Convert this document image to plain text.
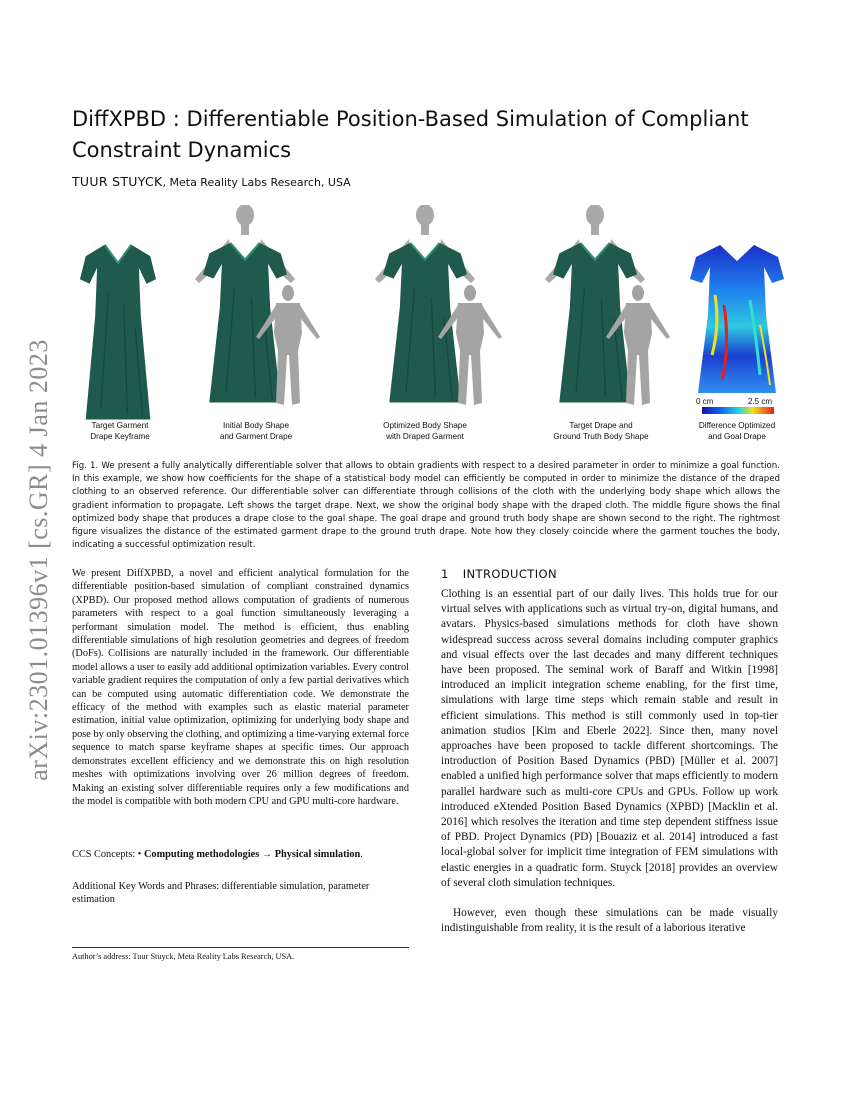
arXiv:2301.01396v1 [cs.GR] 4 Jan 2023
DiffXPBD : Differentiable Position-Based Simulation of Compliant Constraint Dynamics
TUUR STUYCK, Meta Reality Labs Research, USA
0 cm	2.5 cm
Target Garment
Drape Keyframe
Initial Body Shape
and Garment Drape
Optimized Body Shape
with Draped Garment
Target Drape and
Ground Truth Body Shape
Difference Optimized
and Goal Drape

Fig. 1. We present a fully analytically differentiable solver that allows to obtain gradients with respect to a desired parameter in order to minimize a goal function. In this example, we show how coefficients for the shape of a statistical body model can efficiently be computed in order to minimize the distance of the draped clothing to an observed reference. Our differentiable solver can differentiate through collisions of the cloth with the underlying body shape which allows the gradient information to propagate. Left shows the target drape. Next, we show the original body shape with the draped cloth. The middle figure shows the final optimized body shape that produces a drape close to the goal shape. The goal drape and ground truth body shape are shown second to the right. The rightmost figure visualizes the distance of the estimated garment drape to the ground truth drape. Note how they closely coincide where the garment touches the body, indicating a successful optimization result.

We present DiffXPBD, a novel and efficient analytical formulation for the differentiable position-based simulation of compliant constrained dynamics (XPBD). Our proposed method allows computation of gradients of numerous parameters with respect to a goal function simultaneously leveraging a performant simulation model. The method is efficient, thus enabling differentiable simulations of high resolution geometries and degrees of freedom (DoFs). Collisions are naturally included in the framework. Our differentiable model allows a user to easily add additional optimization variables. Every control variable gradient requires the computation of only a few partial derivatives which can be computed using automatic differentiation code. We demonstrate the efficacy of the method with examples such as elastic material parameter estimation, initial value optimization, optimizing for underlying body shape and pose by only observing the clothing, and optimizing a time-varying external force sequence to match sparse keyframe shapes at specific times. Our approach demonstrates excellent efficiency and we demonstrate this on high resolution meshes with optimizations involving over 26 million degrees of freedom. Making an existing solver differentiable requires only a few modifications and the model is compatible with both modern CPU and GPU multi-core hardware.

CCS Concepts: • Computing methodologies → Physical simulation.

Additional Key Words and Phrases: differentiable simulation, parameter estimation

Author’s address: Tuur Stuyck, Meta Reality Labs Research, USA.

1 INTRODUCTION

Clothing is an essential part of our daily lives. This holds true for our virtual selves with applications such as virtual try-on, digital humans, and avatars. Physics-based simulations methods for cloth have shown widespread success across several domains including computer graphics and visual effects over the last decades and many different techniques have been proposed. The seminal work of Baraff and Witkin [1998] introduced an implicit integration scheme enabling, for the first time, simulations with large time steps which remain stable and result in efficient simulations. This method is still commonly used in top-tier animation studios [Kim and Eberle 2022]. Since then, many novel approaches have been proposed to tackle different shortcomings. The introduction of Position Based Dynamics (PBD) [Müller et al. 2007] enabled a unified high performance solver that maps efficiently to modern parallel hardware such as multi-core CPUs and GPUs. Follow up work introduced eXtended Position Based Dynamics (XPBD) [Macklin et al. 2016] which resolves the iteration and time step dependent stiffness issue of PBD. Project Dynamics (PD) [Bouaziz et al. 2014] introduced a fast local-global solver for implicit time integration of FEM simulations with elastic energies in a quadratic form. Stuyck [2018] provides an overview of several cloth simulation techniques.

However, even though these simulations can be made visually indistinguishable from reality, it is the result of a laborious iterative
